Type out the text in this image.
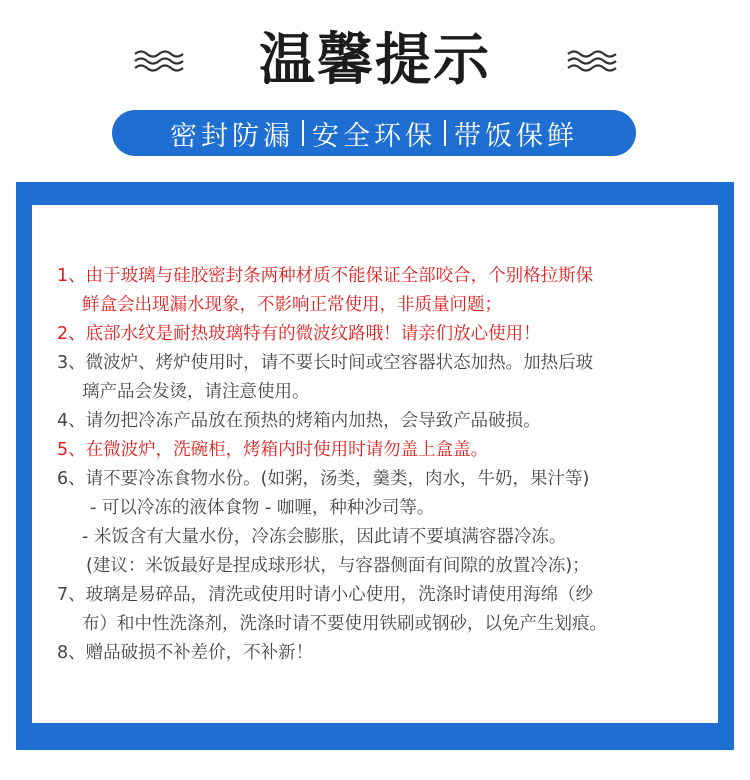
温馨提示
密封防漏 安全环保 带饭保鲜
1、由于玻璃与硅胶密封条两种材质不能保证全部咬合，个别格拉斯保
鲜盒会出现漏水现象，不影响正常使用，非质量问题；
2、底部水纹是耐热玻璃特有的微波纹路哦！请亲们放心使用！
3、微波炉、烤炉使用时，请不要长时间或空容器状态加热。加热后玻
璃产品会发烫，请注意使用。
4、请勿把冷冻产品放在预热的烤箱内加热，会导致产品破损。
5、在微波炉，洗碗柜，烤箱内时使用时请勿盖上盒盖。
6、请不要冷冻食物水份。(如粥，汤类，羹类，肉水，牛奶，果汁等)
- 可以冷冻的液体食物 - 咖喱，种种沙司等。
- 米饭含有大量水份，冷冻会膨胀，因此请不要填满容器冷冻。
(建议：米饭最好是捏成球形状，与容器侧面有间隙的放置冷冻)；
7、玻璃是易碎品，清洗或使用时请小心使用，洗涤时请使用海绵（纱
布）和中性洗涤剂，洗涤时请不要使用铁刷或钢砂，以免产生划痕。
8、赠品破损不补差价，不补新！
